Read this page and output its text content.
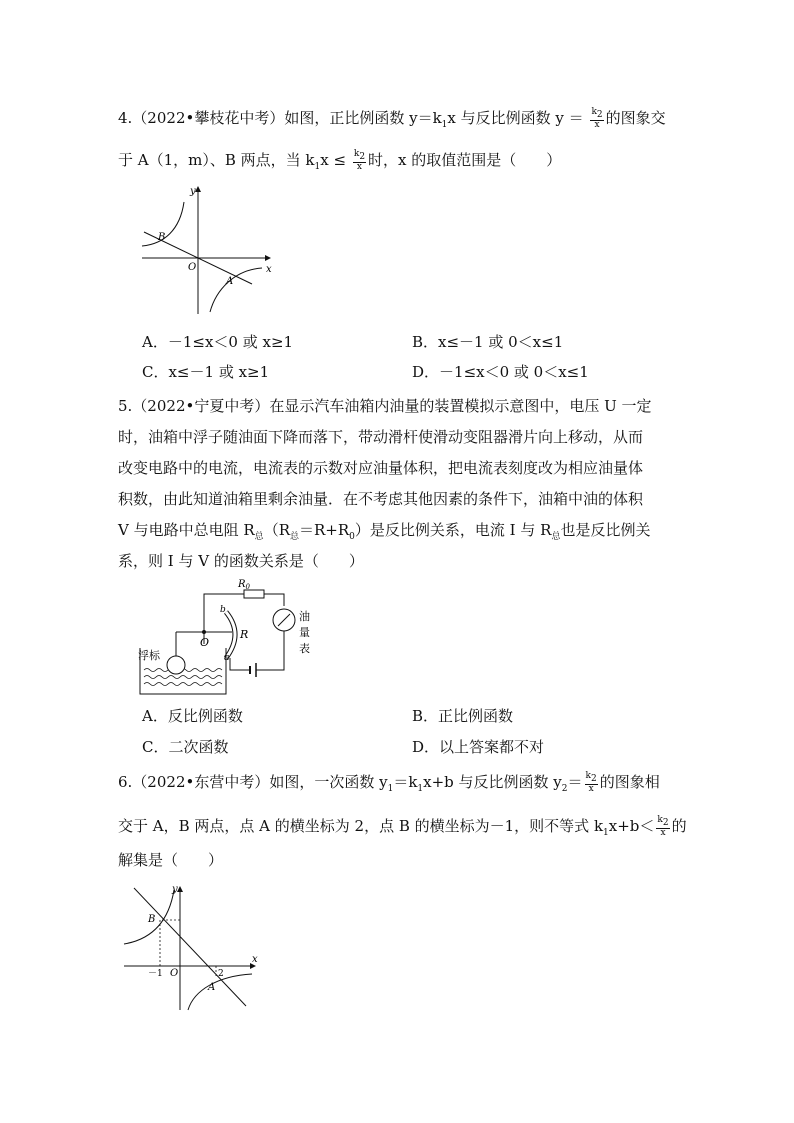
4.（2022•攀枝花中考）如图，正比例函数 $y=k_1x$ 与反比例函数 $y = \frac{k_2}{x}$ 的图象交
于 A（1，m）、B 两点，当 $k_1x \le \frac{k_2}{x}$ 时，x 的取值范围是（　　）
y
x
O
B
A
A．－1≤x＜0 或 x≥1	B．x≤－1 或 0＜x≤1
C．x≤－1 或 x≥1	D．－1≤x＜0 或 0＜x≤1
5.（2022•宁夏中考）在显示汽车油箱内油量的装置模拟示意图中，电压 U 一定
时，油箱中浮子随油面下降而落下，带动滑杆使滑动变阻器滑片向上移动，从而
改变电路中的电流，电流表的示数对应油量体积，把电流表刻度改为相应油量体
积数，由此知道油箱里剩余油量．在不考虑其他因素的条件下，油箱中油的体积
V 与电路中总电阻 $R_总(R_总=R+R_0)$是反比例关系，电流 I 与 $R_总$也是反比例关
系，则 I 与 V 的函数关系是（　　）
$R_0$
b
O
R
a
浮标
油
量
表
A．反比例函数	B．正比例函数
C．二次函数	D．以上答案都不对
6.（2022•东营中考）如图，一次函数 $y_1=k_1x+b$ 与反比例函数 $y_2= \frac{k_2}{x}$ 的图象相
交于 A，B 两点，点 A 的横坐标为 2，点 B 的横坐标为－1，则不等式 $k_1x+b< \frac{k_2}{x}$ 的
解集是（　　）
y
x
O
B
A
－1	2
